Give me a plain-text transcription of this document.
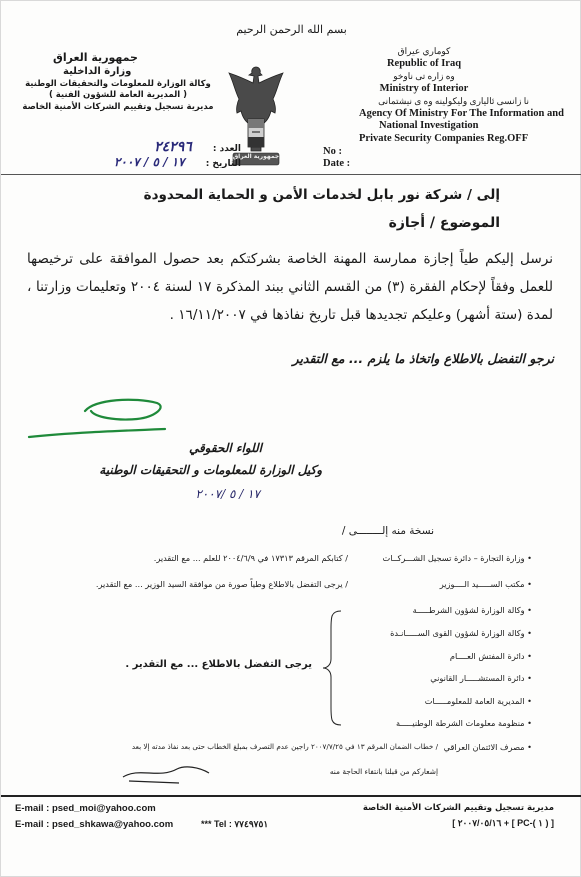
بسم الله الرحمن الرحيم
كوماري عيراق
Republic of Iraq
وه زاره تى ناوخو
Ministry of Interior
نا زانسى ئاليارى وليكولينه وه ى نيشتمانى
Agency Of Ministry For The Information and
National Investigation
Private Security Companies Reg.OFF
No :
Date :
جمهورية العراق
جمهورية العراق
وزارة الداخلية
وكالة الوزارة للمعلومات والتحقيقات الوطنية
( المديرية العامة للشؤون الفنية )
مديرية تسجيل وتقييم الشركات الأمنية الخاصة
العدد : ٢٤٢٩٦
التاريخ : ١٧ / ٥ / ٢٠٠٧
إلى / شركة نور بابل لخدمات الأمن و الحماية المحدودة
الموضوع / أجازة
نرسل إليكم طياً إجازة ممارسة المهنة الخاصة بشركتكم بعد حصول الموافقة على ترخيصها للعمل وفقاً لإحكام الفقرة (٣) من القسم الثاني ببند المذكرة ١٧ لسنة ٢٠٠٤ وتعليمات وزارتنا ، لمدة (ستة أشهر) وعليكم تجديدها قبل تاريخ نفاذها في ١٦/١١/٢٠٠٧ .
نرجو التفضل بالاطلاع واتخاذ ما يلزم ... مع التقدير
اللواء الحقوقي
وكيل الوزارة للمعلومات و التحقيقات الوطنية
١٧ / ٥ /٢٠٠٧
نسخة منه إلــــــــى /
• وزارة التجارة – دائرة تسجيل الشـــركــات
/ كتابكم المرقم ١٧٣١٣ في ٢٠٠٤/٦/٩ للعلم ... مع التقدير.
• مكتب الســـــيد الــــوزير
/ يرجى التفضل بالاطلاع وطياً صورة من موافقة السيد الوزير ... مع التقدير.
• وكالة الوزارة لشؤون الشرطـــــة
• وكالة الوزارة لشؤون القوى الســـــانـدة
• دائرة المفتش العــــام
• دائرة المستشـــــار القانوني
• المديرية العامة للمعلومـــــات
• منظومة معلومات الشرطة الوطنيـــــة
يرجى التفضل بالاطلاع ... مع التقدير .
• مصرف الائتمان العراقي
/ خطاب الضمان المرقم ١٣ في ٢٠٠٧/٧/٢٥ راجين عدم التصرف بمبلغ الخطاب حتى بعد نفاذ مدته إلا بعد
إشعاركم من قبلنا بانتفاء الحاجة منه
E-mail : psed_moi@yahoo.com
E-mail : psed_shkawa@yahoo.com	*** Tel : ٧٧٤٩٧٥١
مديرية تسجيل وتقييم الشركات الأمنية الخاصة
[ ٢٠٠٧/٠٥/١٦ + [ PC-( ١ ) ]
